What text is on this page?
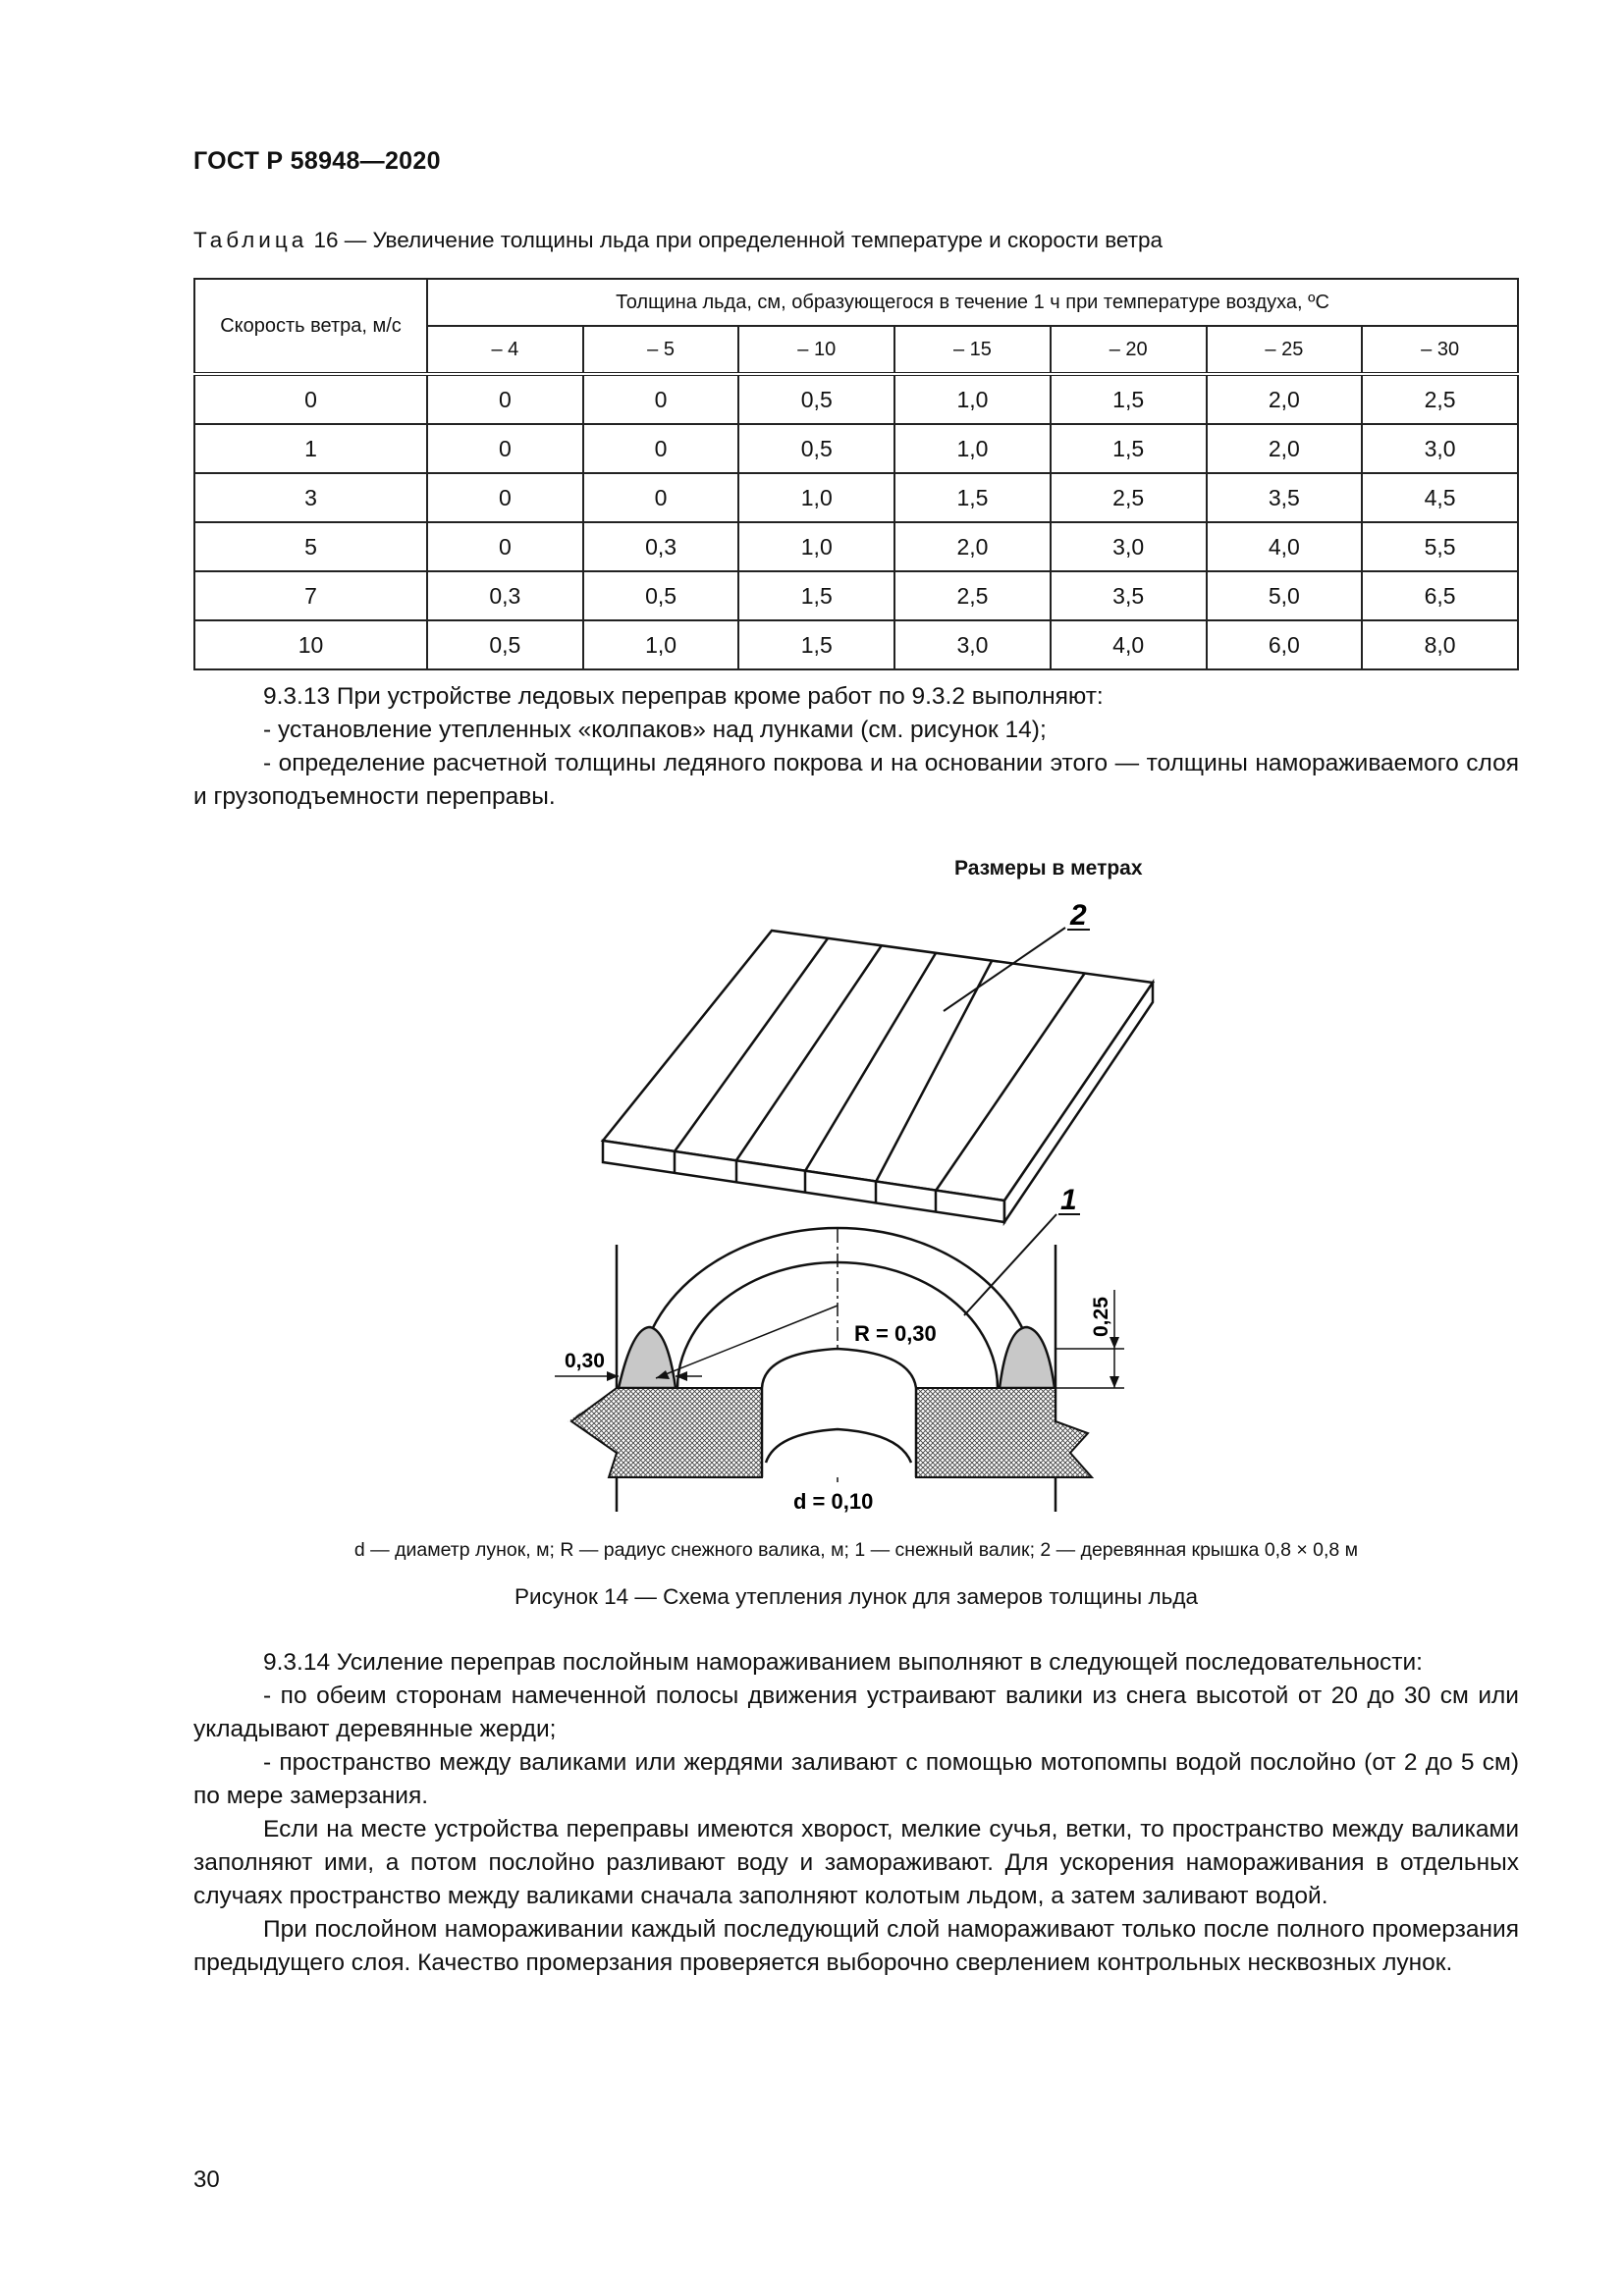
ГОСТ Р 58948—2020
Таблица 16 — Увеличение толщины льда при определенной температуре и скорости ветра
Скорость ветра, м/с	Толщина льда, см, образующегося в течение 1 ч при температуре воздуха, ºС						
	– 4	– 5	– 10	– 15	– 20	– 25	– 30
0	0	0	0,5	1,0	1,5	2,0	2,5
1	0	0	0,5	1,0	1,5	2,0	3,0
3	0	0	1,0	1,5	2,5	3,5	4,5
5	0	0,3	1,0	2,0	3,0	4,0	5,5
7	0,3	0,5	1,5	2,5	3,5	5,0	6,5
10	0,5	1,0	1,5	3,0	4,0	6,0	8,0

9.3.13 При устройстве ледовых переправ кроме работ по 9.3.2 выполняют:

- установление утепленных «колпаков» над лунками (см. рисунок 14);

- определение расчетной толщины ледяного покрова и на основании этого — толщины намораживаемого слоя и грузоподъемности переправы.

Размеры в метрах
2
1
R = 0,30	0,25
0,30
d = 0,10
d — диаметр лунок, м; R — радиус снежного валика, м; 1 — снежный валик; 2 — деревянная крышка 0,8 × 0,8 м
Рисунок 14 — Схема утепления лунок для замеров толщины льда

9.3.14 Усиление переправ послойным намораживанием выполняют в следующей последовательности:

- по обеим сторонам намеченной полосы движения устраивают валики из снега высотой от 20 до 30 см или укладывают деревянные жерди;

- пространство между валиками или жердями заливают с помощью мотопомпы водой послойно (от 2 до 5 см) по мере замерзания.

Если на месте устройства переправы имеются хворост, мелкие сучья, ветки, то пространство между валиками заполняют ими, а потом послойно разливают воду и замораживают. Для ускорения намораживания в отдельных случаях пространство между валиками сначала заполняют колотым льдом, а затем заливают водой.

При послойном намораживании каждый последующий слой намораживают только после полного промерзания предыдущего слоя. Качество промерзания проверяется выборочно сверлением контрольных несквозных лунок.

30
